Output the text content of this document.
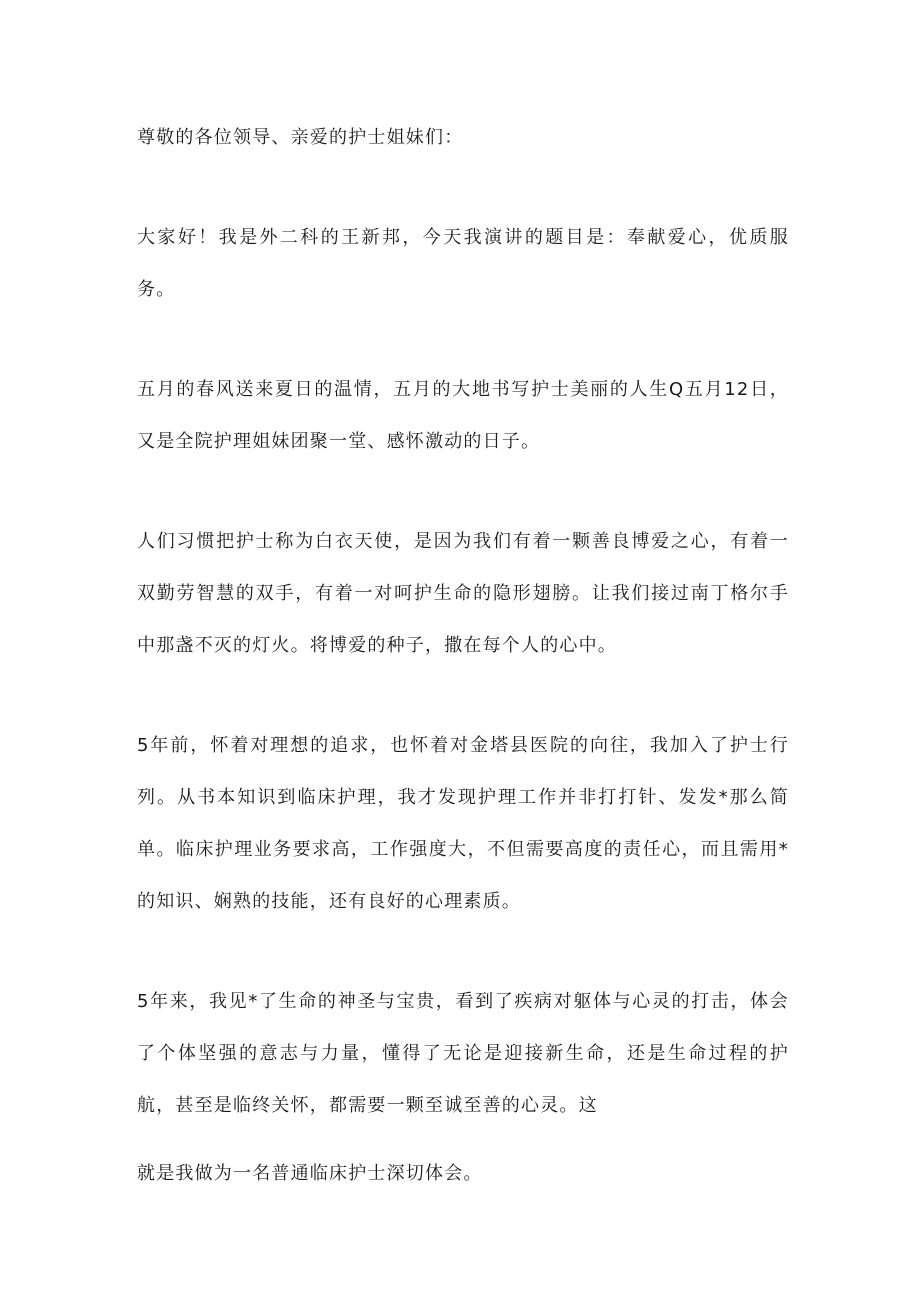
尊敬的各位领导、亲爱的护士姐妹们：

大家好！我是外二科的王新邦，今天我演讲的题目是：奉献爱心，优质服务。

五月的春风送来夏日的温情，五月的大地书写护士美丽的人生Q五月12日，又是全院护理姐妹团聚一堂、感怀激动的日子。

人们习惯把护士称为白衣天使，是因为我们有着一颗善良博爱之心，有着一双勤劳智慧的双手，有着一对呵护生命的隐形翅膀。让我们接过南丁格尔手中那盏不灭的灯火。将博爱的种子，撒在每个人的心中。

5年前，怀着对理想的追求，也怀着对金塔县医院的向往，我加入了护士行列。从书本知识到临床护理，我才发现护理工作并非打打针、发发*那么简单。临床护理业务要求高，工作强度大，不但需要高度的责任心，而且需用*的知识、娴熟的技能，还有良好的心理素质。

5年来，我见*了生命的神圣与宝贵，看到了疾病对躯体与心灵的打击，体会了个体坚强的意志与力量，懂得了无论是迎接新生命，还是生命过程的护航，甚至是临终关怀，都需要一颗至诚至善的心灵。这

就是我做为一名普通临床护士深切体会。
